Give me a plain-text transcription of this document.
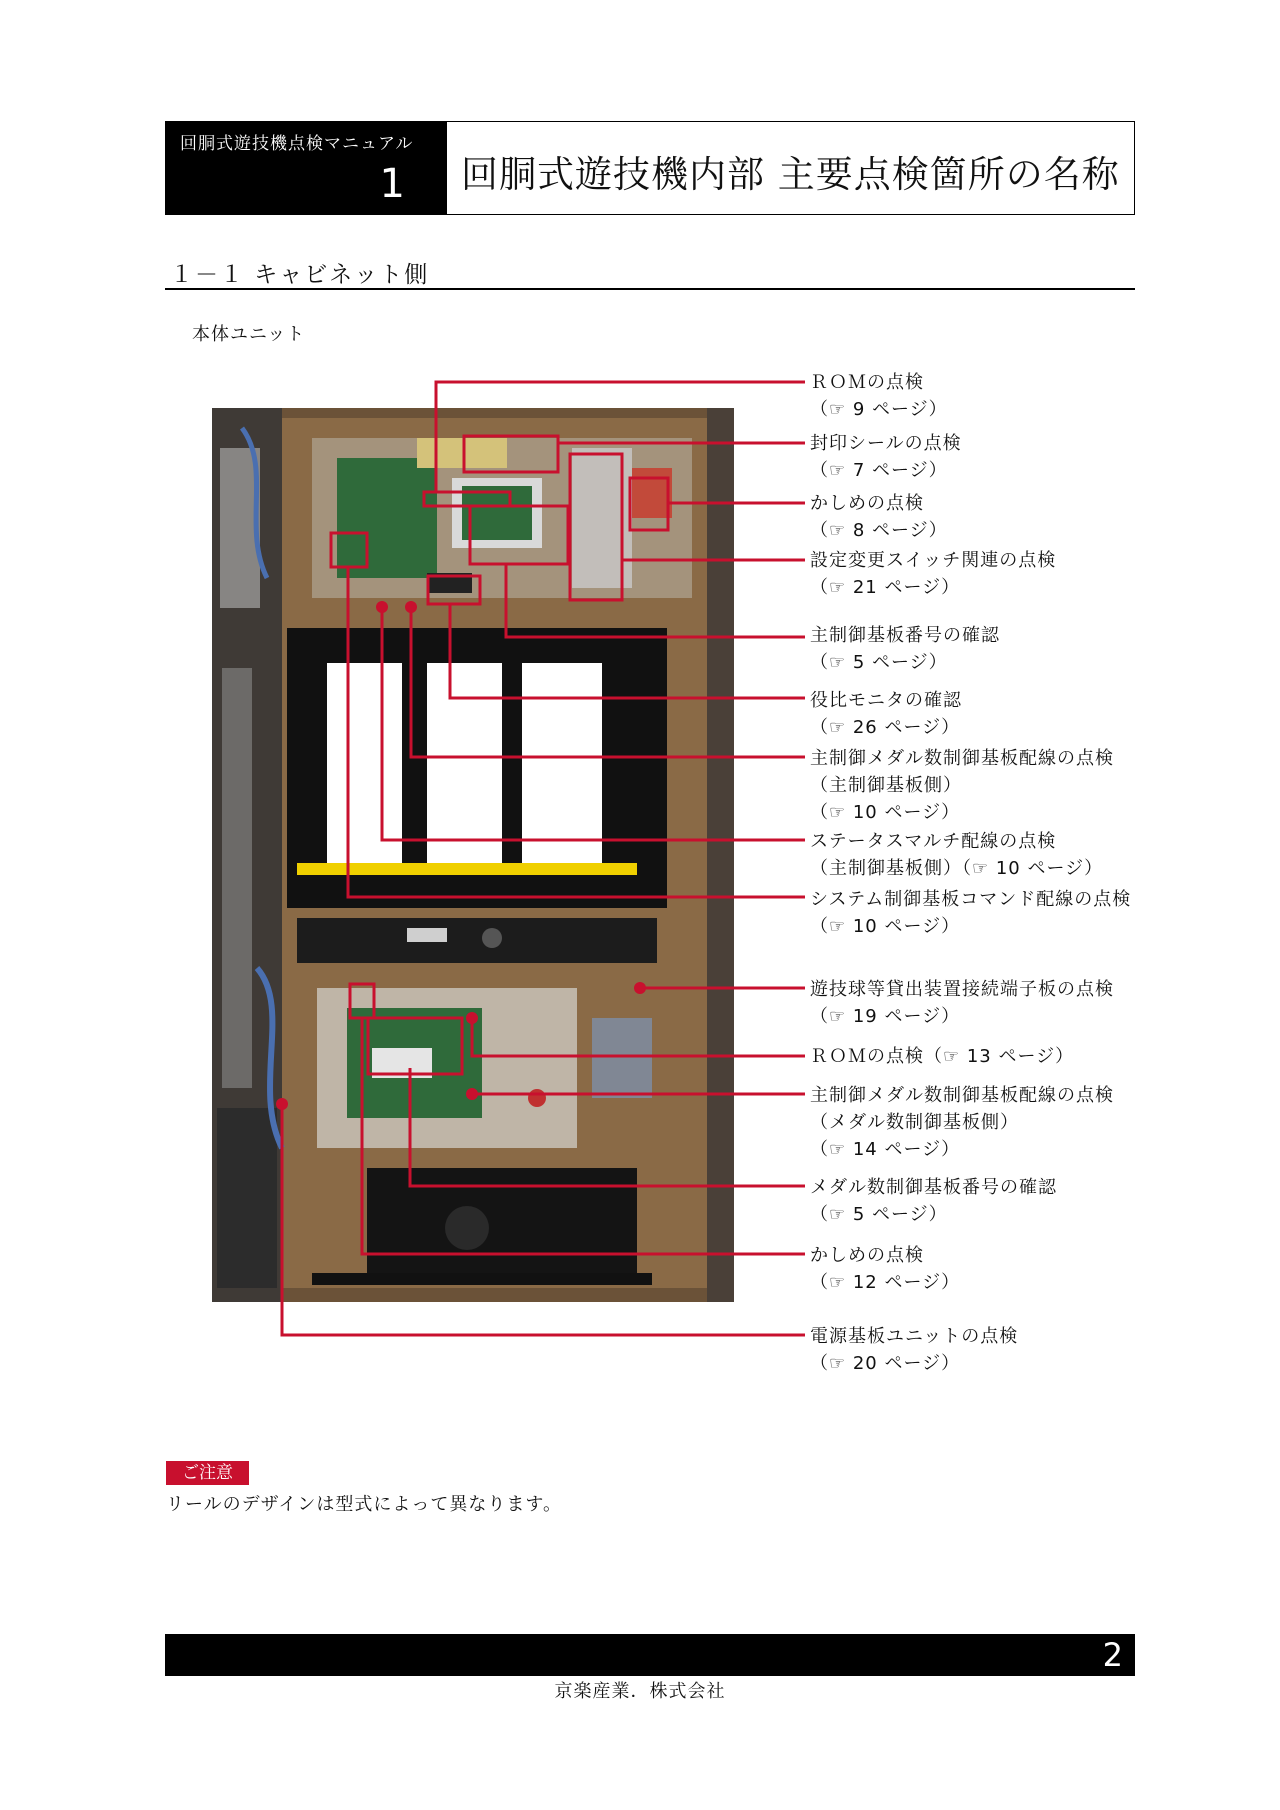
回胴式遊技機点検マニュアル
1 回胴式遊技機内部 主要点検箇所の名称
１－１ キャビネット側
本体ユニット
ＲＯＭの点検
（☞ 9 ページ）
封印シールの点検
（☞ 7 ページ）
かしめの点検
（☞ 8 ページ）
設定変更スイッチ関連の点検
（☞ 21 ページ）
主制御基板番号の確認
（☞ 5 ページ）
役比モニタの確認
（☞ 26 ページ）
主制御メダル数制御基板配線の点検
（主制御基板側）
（☞ 10 ページ）
ステータスマルチ配線の点検
（主制御基板側）（☞ 10 ページ）
システム制御基板コマンド配線の点検
（☞ 10 ページ）
遊技球等貸出装置接続端子板の点検
（☞ 19 ページ）
ＲＯＭの点検（☞ 13 ページ）
主制御メダル数制御基板配線の点検
（メダル数制御基板側）
（☞ 14 ページ）
メダル数制御基板番号の確認
（☞ 5 ページ）
かしめの点検
（☞ 12 ページ）
電源基板ユニットの点検
（☞ 20 ページ）
ご注意
リールのデザインは型式によって異なります。
2
京楽産業．株式会社
